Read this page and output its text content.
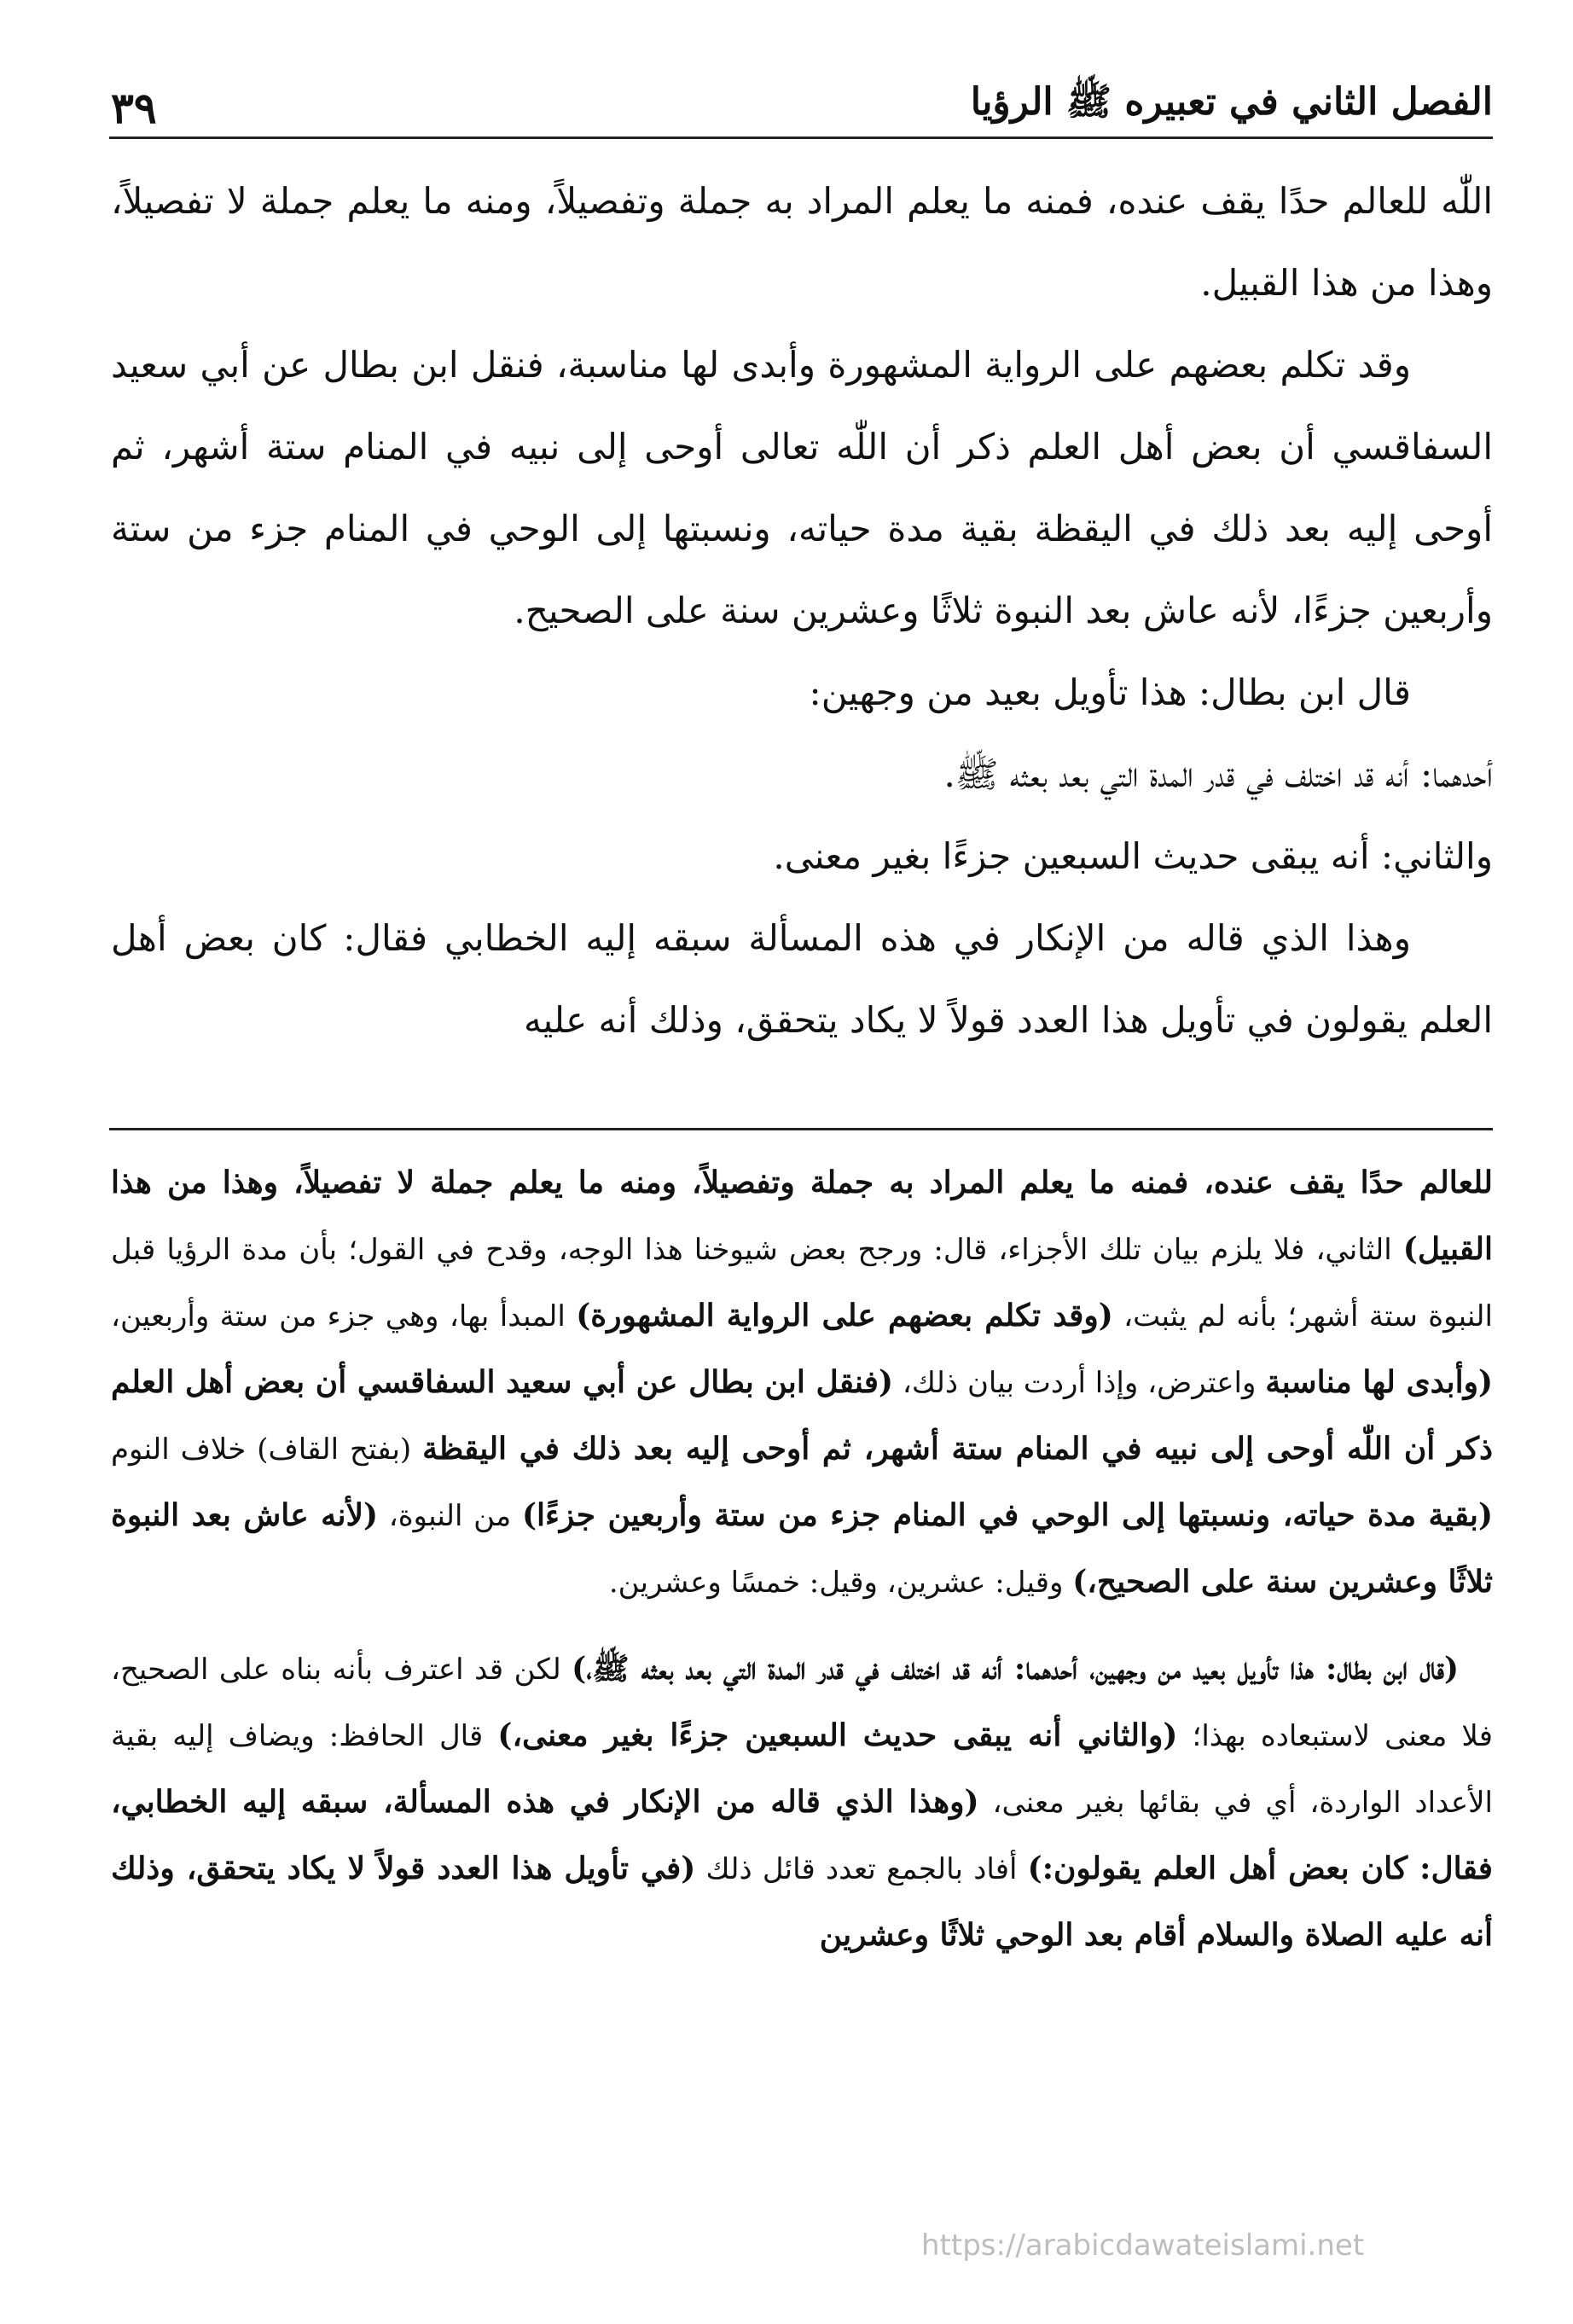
الفصل الثاني في تعبيره ﷺ الرؤيا
٣٩

اللّٰه للعالم حدًا يقف عنده، فمنه ما يعلم المراد به جملة وتفصيلاً، ومنه ما يعلم جملة لا تفصيلاً، وهذا من هذا القبيل.

وقد تكلم بعضهم على الرواية المشهورة وأبدى لها مناسبة، فنقل ابن بطال عن أبي سعيد السفاقسي أن بعض أهل العلم ذكر أن اللّٰه تعالى أوحى إلى نبيه في المنام ستة أشهر، ثم أوحى إليه بعد ذلك في اليقظة بقية مدة حياته، ونسبتها إلى الوحي في المنام جزء من ستة وأربعين جزءًا، لأنه عاش بعد النبوة ثلاثًا وعشرين سنة على الصحيح.

قال ابن بطال: هذا تأويل بعيد من وجهين:

أحدهما: أنه قد اختلف في قدر المدة التي بعد بعثه ﷺ.

والثاني: أنه يبقى حديث السبعين جزءًا بغير معنى.

وهذا الذي قاله من الإنكار في هذه المسألة سبقه إليه الخطابي فقال: كان بعض أهل العلم يقولون في تأويل هذا العدد قولاً لا يكاد يتحقق، وذلك أنه عليه

للعالم حدًا يقف عنده، فمنه ما يعلم المراد به جملة وتفصيلاً، ومنه ما يعلم جملة لا تفصيلاً، وهذا من هذا القبيل) الثاني، فلا يلزم بيان تلك الأجزاء، قال: ورجح بعض شيوخنا هذا الوجه، وقدح في القول؛ بأن مدة الرؤيا قبل النبوة ستة أشهر؛ بأنه لم يثبت، (وقد تكلم بعضهم على الرواية المشهورة) المبدأ بها، وهي جزء من ستة وأربعين، (وأبدى لها مناسبة واعترض، وإذا أردت بيان ذلك، (فنقل ابن بطال عن أبي سعيد السفاقسي أن بعض أهل العلم ذكر أن اللّٰه أوحى إلى نبيه في المنام ستة أشهر، ثم أوحى إليه بعد ذلك في اليقظة (بفتح القاف) خلاف النوم (بقية مدة حياته، ونسبتها إلى الوحي في المنام جزء من ستة وأربعين جزءًا) من النبوة، (لأنه عاش بعد النبوة ثلاثًا وعشرين سنة على الصحيح،) وقيل: عشرين، وقيل: خمسًا وعشرين.

(قال ابن بطال: هذا تأويل بعيد من وجهين، أحدهما: أنه قد اختلف في قدر المدة التي بعد بعثه ﷺ،) لكن قد اعترف بأنه بناه على الصحيح، فلا معنى لاستبعاده بهذا؛ (والثاني أنه يبقى حديث السبعين جزءًا بغير معنى،) قال الحافظ: ويضاف إليه بقية الأعداد الواردة، أي في بقائها بغير معنى، (وهذا الذي قاله من الإنكار في هذه المسألة، سبقه إليه الخطابي، فقال: كان بعض أهل العلم يقولون:) أفاد بالجمع تعدد قائل ذلك (في تأويل هذا العدد قولاً لا يكاد يتحقق، وذلك أنه عليه الصلاة والسلام أقام بعد الوحي ثلاثًا وعشرين

https://arabicdawateislami.net
